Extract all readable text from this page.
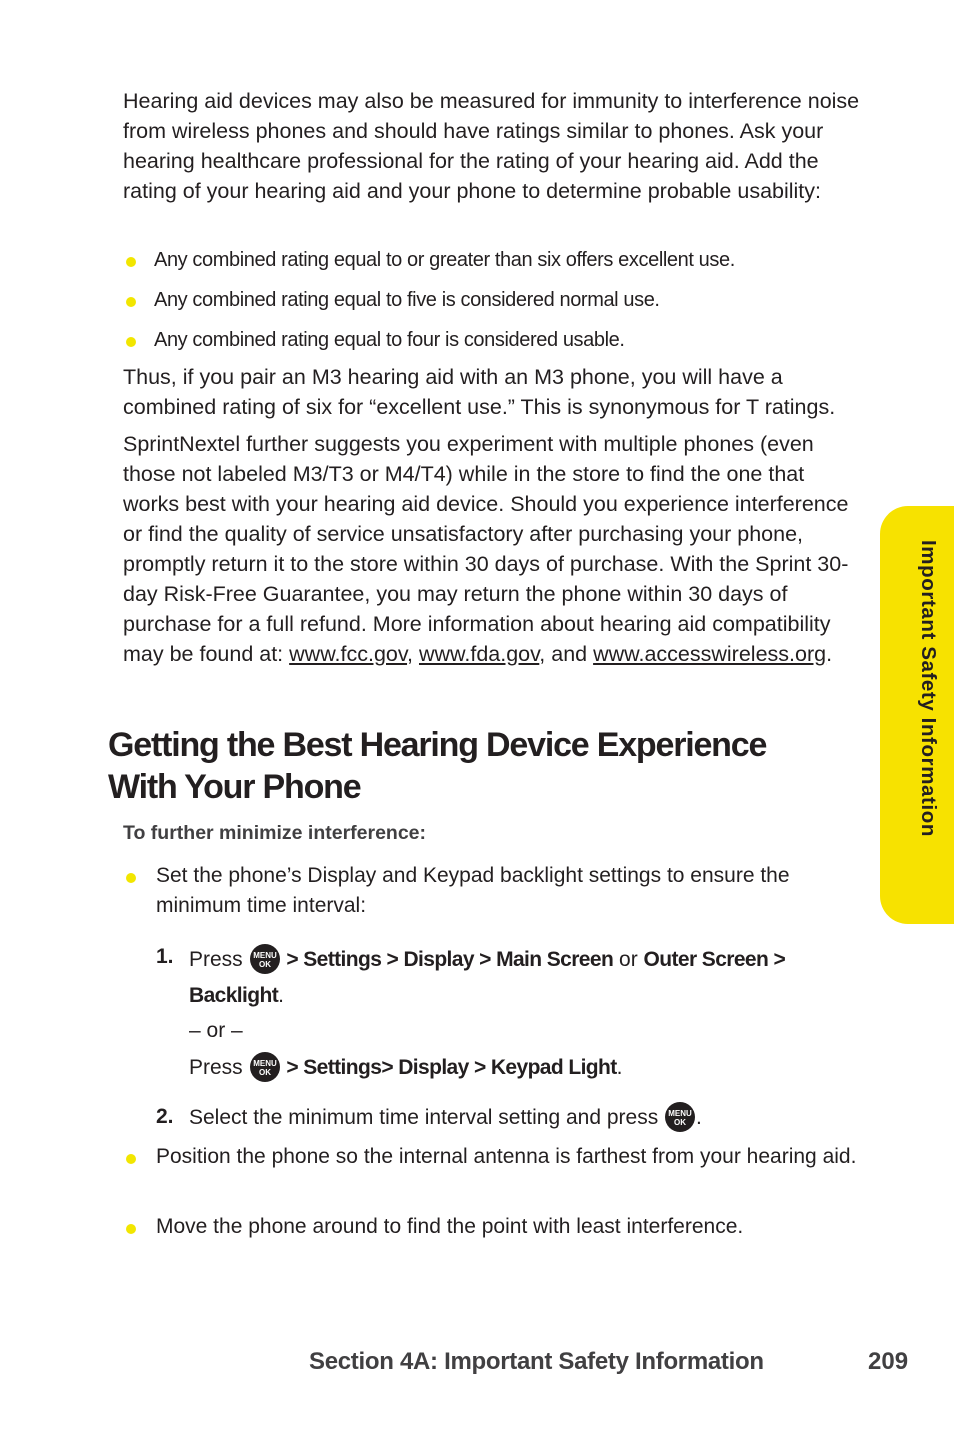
Hearing aid devices may also be measured for immunity to interference noise from wireless phones and should have ratings similar to phones. Ask your hearing healthcare professional for the rating of your hearing aid. Add the rating of your hearing aid and your phone to determine probable usability:

Any combined rating equal to or greater than six offers excellent use.
Any combined rating equal to five is considered normal use.
Any combined rating equal to four is considered usable.

Thus, if you pair an M3 hearing aid with an M3 phone, you will have a combined rating of six for “excellent use.” This is synonymous for T ratings.

SprintNextel further suggests you experiment with multiple phones (even those not labeled M3/T3 or M4/T4) while in the store to find the one that works best with your hearing aid device. Should you experience interference or find the quality of service unsatisfactory after purchasing your phone, promptly return it to the store within 30 days of purchase. With the Sprint 30-day Risk-Free Guarantee, you may return the phone within 30 days of purchase for a full refund. More information about hearing aid compatibility may be found at: www.fcc.gov, www.fda.gov, and www.accesswireless.org.

Getting the Best Hearing Device Experience
With Your Phone
To further minimize interference:
Set the phone’s Display and Keypad backlight settings to ensure the minimum time interval:
1. Press MENU
OK > Settings > Display > Main Screen or Outer Screen > Backlight.
– or –
Press MENU
OK > Settings> Display > Keypad Light.
2. Select the minimum time interval setting and press MENU
OK .
Position the phone so the internal antenna is farthest from your hearing aid.
Move the phone around to find the point with least interference.
Important Safety Information
Section 4A: Important Safety Information	209
